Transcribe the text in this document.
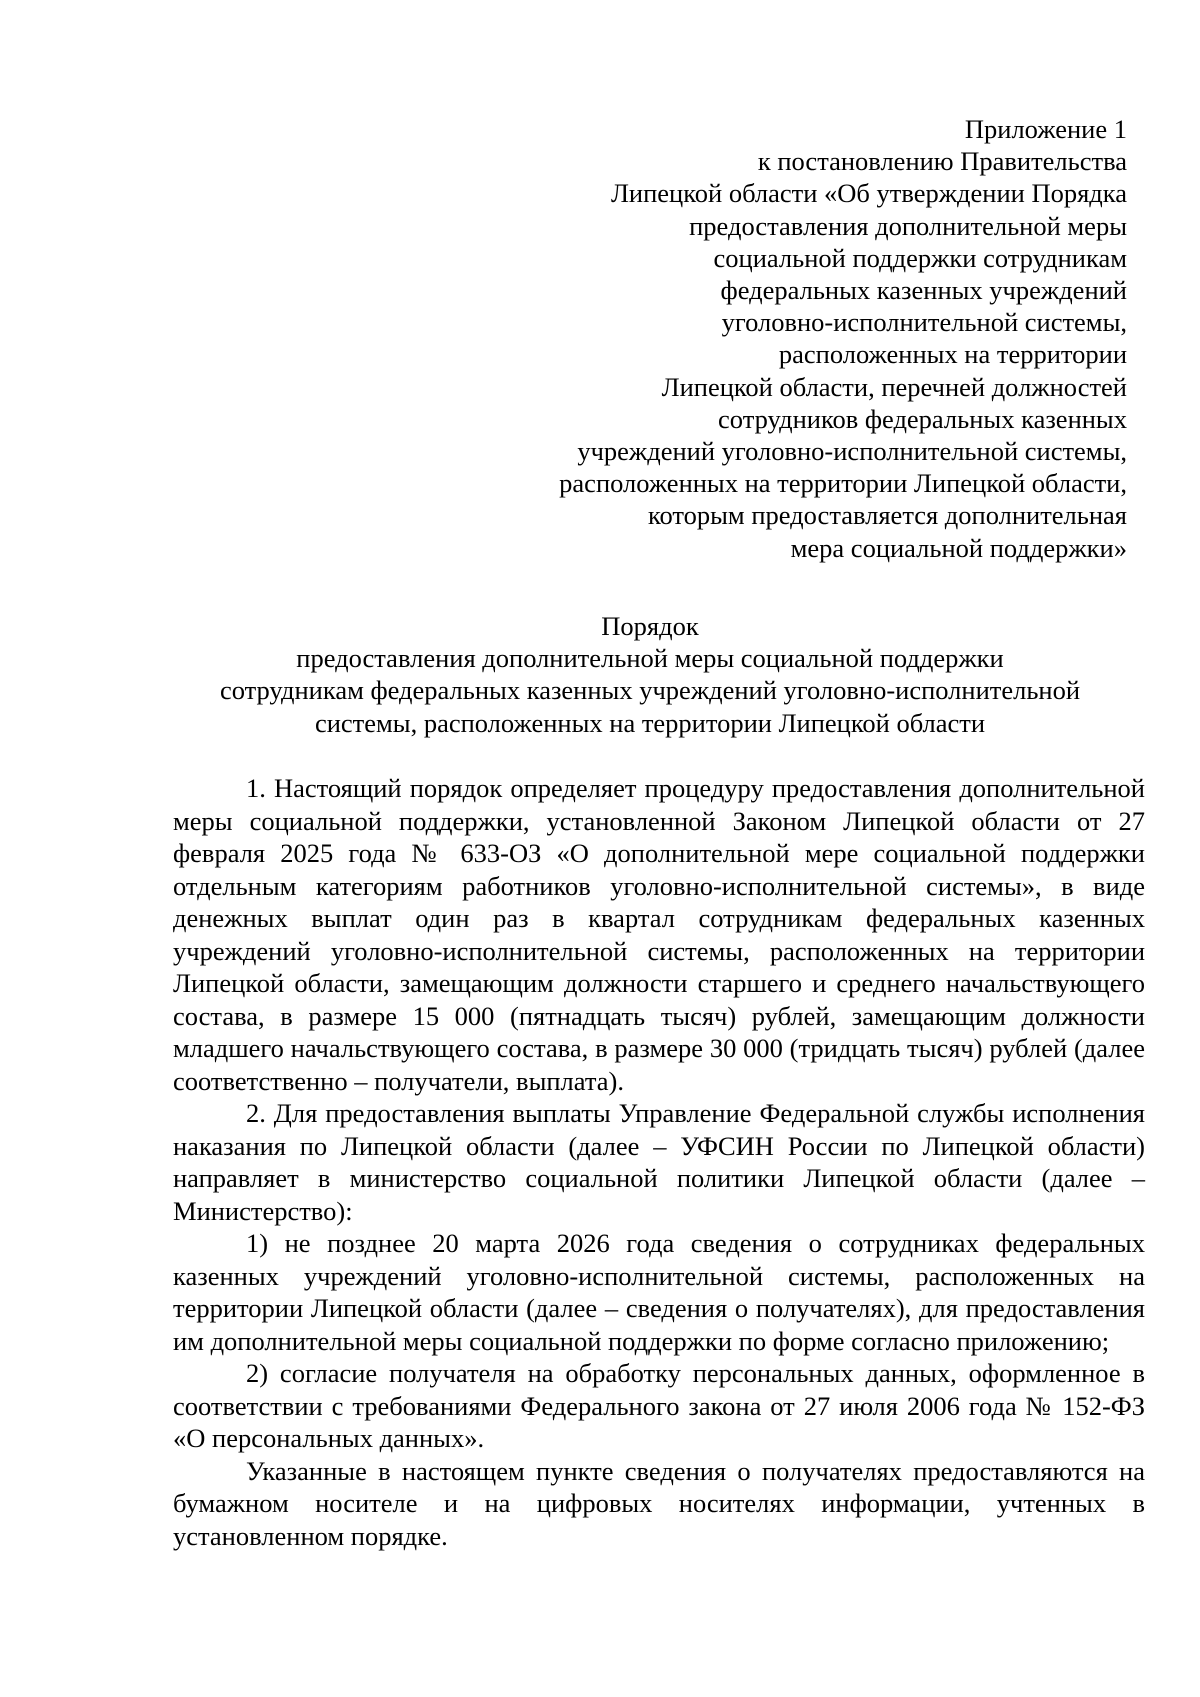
Приложение 1
к постановлению Правительства
Липецкой области «Об утверждении Порядка
предоставления дополнительной меры
социальной поддержки сотрудникам
федеральных казенных учреждений
уголовно-исполнительной системы,
расположенных на территории
Липецкой области, перечней должностей
сотрудников федеральных казенных
учреждений уголовно-исполнительной системы,
расположенных на территории Липецкой области,
которым предоставляется дополнительная
мера социальной поддержки»
Порядок
предоставления дополнительной меры социальной поддержки
сотрудникам федеральных казенных учреждений уголовно-исполнительной
системы, расположенных на территории Липецкой области

1. Настоящий порядок определяет процедуру предоставления дополнительной меры социальной поддержки, установленной Законом Липецкой области от 27 февраля 2025 года № 633-ОЗ «О дополнительной мере социальной поддержки отдельным категориям работников уголовно-исполнительной системы», в виде денежных выплат один раз в квартал сотрудникам федеральных казенных учреждений уголовно-исполнительной системы, расположенных на территории Липецкой области, замещающим должности старшего и среднего начальствующего состава, в размере 15 000 (пятнадцать тысяч) рублей, замещающим должности младшего начальствующего состава, в размере 30 000 (тридцать тысяч) рублей (далее соответственно – получатели, выплата).

2. Для предоставления выплаты Управление Федеральной службы исполнения наказания по Липецкой области (далее – УФСИН России по Липецкой области) направляет в министерство социальной политики Липецкой области (далее – Министерство):

1) не позднее 20 марта 2026 года сведения о сотрудниках федеральных казенных учреждений уголовно-исполнительной системы, расположенных на территории Липецкой области (далее – сведения о получателях), для предоставления им дополнительной меры социальной поддержки по форме согласно приложению;

2) согласие получателя на обработку персональных данных, оформленное в соответствии с требованиями Федерального закона от 27 июля 2006 года № 152-ФЗ «О персональных данных».

Указанные в настоящем пункте сведения о получателях предоставляются на бумажном носителе и на цифровых носителях информации, учтенных в установленном порядке.
